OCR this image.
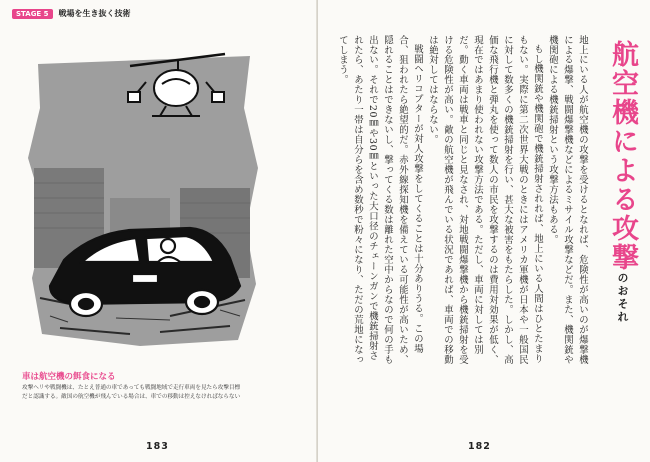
STAGE 5	戦場を生き抜く技術
車は航空機の餌食になる
攻撃ヘリや戦闘機は、たとえ普通の車であっても戦闘地域で走行車両を見たら攻撃目標
だと認識する。敵国の航空機が飛んでいる場合は、車での移動は控えなければならない
183
航空機による攻撃のおそれ

地上にいる人が航空機の攻撃を受けるとなれば、危険性が高いのが爆撃機による爆撃、戦闘爆撃機などによるミサイル攻撃などだ。また、機関銃や機関砲による機銃掃射という攻撃方法もある。

もし機関銃や機関砲で機銃掃射されれば、地上にいる人間はひとたまりもない。実際に第二次世界大戦のときにはアメリカ軍機が日本や一般国民に対して数多くの機銃掃射を行い、甚大な被害をもたらした。しかし、高価な飛行機と弾丸を使って数人の市民を攻撃するのは費用対効果が低く、現在ではあまり使われない攻撃方法である。ただし、車両に対しては別だ。動く車両は戦車と同じと見なされ、対地戦闘爆撃機から機銃掃射を受ける危険性が高い。敵の航空機が飛んでいる状況であれば、車両での移動は絶対してはならない。

戦闘ヘリコプターが対人攻撃をしてくることは十分ありうる。この場合、狙われたら絶望的だ。赤外線探知機を備えている可能性が高いため、隠れることはできないし、撃ってくる数は離れた空中からなので何の手も出ない。それで20㎜や30㎜といった大口径のチェーンガンで機銃掃射されたら、あたり一帯は自分らを含め数秒で粉々になり、ただの荒地になってしまう。

182
